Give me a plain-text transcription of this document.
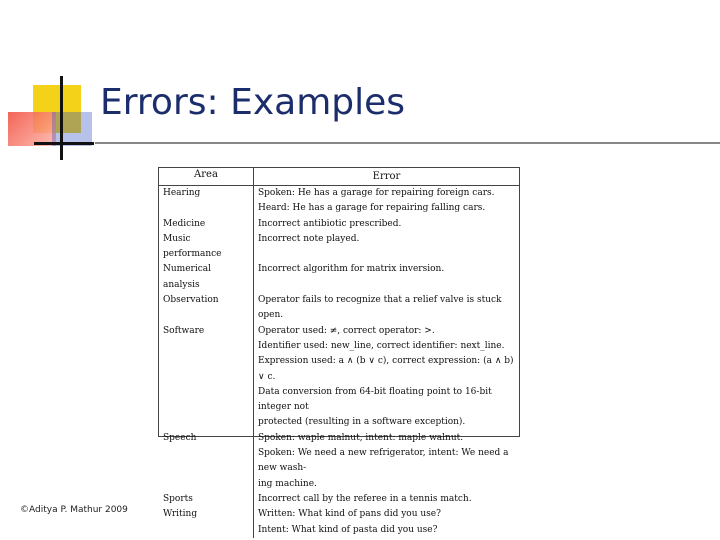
Errors: Examples
Area	Error
Hearing	Spoken: He has a garage for repairing foreign cars.
Heard: He has a garage for repairing falling cars.

Medicine	Incorrect antibiotic prescribed.

Music performance	Incorrect note played.

Numerical analysis	Incorrect algorithm for matrix inversion.

Observation	Operator fails to recognize that a relief valve is stuck open.

Software	Operator used: ≠, correct operator: >.
Identifier used: new_line, correct identifier: next_line.
Expression used: a ∧ (b ∨ c), correct expression: (a ∧ b) ∨ c.
Data conversion from 64-bit floating point to 16-bit integer not
protected (resulting in a software exception).

Speech	Spoken: waple malnut, intent: maple walnut.
Spoken: We need a new refrigerator, intent: We need a new wash-
ing machine.

Sports	Incorrect call by the referee in a tennis match.

Writing	Written: What kind of pans did you use?
Intent: What kind of pasta did you use?
©Aditya P. Mathur 2009
